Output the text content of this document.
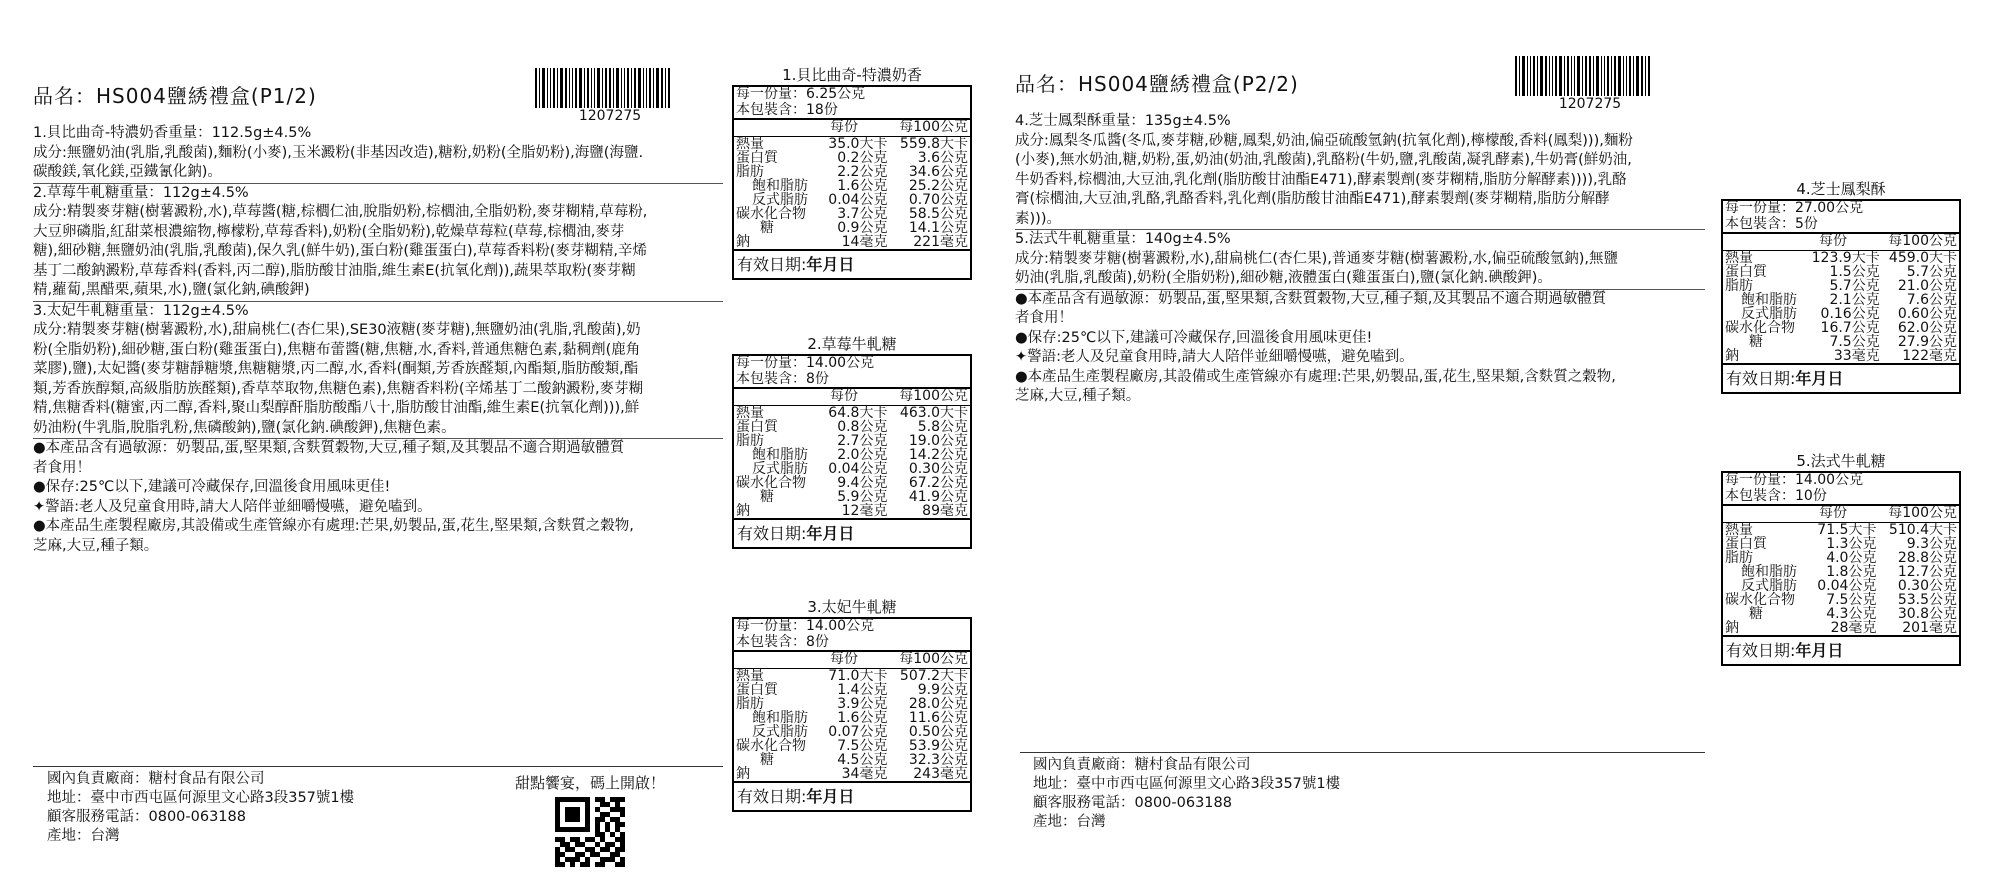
品名：HS004鹽綉禮盒(P1/2)
1207275

1.貝比曲奇-特濃奶香重量：112.5g±4.5%

成分:無鹽奶油(乳脂,乳酸菌),麵粉(小麥),玉米澱粉(非基因改造),糖粉,奶粉(全脂奶粉),海鹽(海鹽.

碳酸鎂,氧化鎂,亞鐵氰化鈉)。

2.草莓牛軋糖重量：112g±4.5%

成分:精製麥芽糖(樹薯澱粉,水),草莓醬(糖,棕櫚仁油,脫脂奶粉,棕櫚油,全脂奶粉,麥芽糊精,草莓粉,

大豆卵磷脂,紅甜菜根濃縮物,檸檬粉,草莓香料),奶粉(全脂奶粉),乾燥草莓粒(草莓,棕櫚油,麥芽

糖),細砂糖,無鹽奶油(乳脂,乳酸菌),保久乳(鮮牛奶),蛋白粉(雞蛋蛋白),草莓香料粉(麥芽糊精,辛烯

基丁二酸鈉澱粉,草莓香料(香料,丙二醇),脂肪酸甘油脂,維生素E(抗氧化劑)),蔬果萃取粉(麥芽糊

精,蘿蔔,黑醋栗,蘋果,水),鹽(氯化鈉,碘酸鉀)

3.太妃牛軋糖重量：112g±4.5%

成分:精製麥芽糖(樹薯澱粉,水),甜扁桃仁(杏仁果),SE30液糖(麥芽糖),無鹽奶油(乳脂,乳酸菌),奶

粉(全脂奶粉),細砂糖,蛋白粉(雞蛋蛋白),焦糖布蕾醬(糖,焦糖,水,香料,普通焦糖色素,黏稠劑(鹿角

菜膠),鹽),太妃醬(麥芽糖靜糖漿,焦糖糖漿,丙二醇,水,香料(酮類,芳香族醛類,內酯類,脂肪酸類,酯

類,芳香族醇類,高級脂肪族醛類),香草萃取物,焦糖色素),焦糖香料粉(辛烯基丁二酸鈉澱粉,麥芽糊

精,焦糖香料(糖蜜,丙二醇,香料,聚山梨醇酐脂肪酸酯八十,脂肪酸甘油酯,維生素E(抗氧化劑))),鮮

奶油粉(牛乳脂,脫脂乳粉,焦磷酸鈉),鹽(氯化鈉.碘酸鉀),焦糖色素。

●本產品含有過敏源：奶製品,蛋,堅果類,含麩質穀物,大豆,種子類,及其製品不適合期過敏體質

者食用！

●保存:25℃以下,建議可冷藏保存,回溫後食用風味更佳!

✦警語:老人及兒童食用時,請大人陪伴並細嚼慢嚥，避免嗑到。

●本產品生產製程廠房,其設備或生產管線亦有處理:芒果,奶製品,蛋,花生,堅果類,含麩質之穀物,

芝麻,大豆,種子類。

國內負責廠商：糖村食品有限公司
地址：臺中市西屯區何源里文心路3段357號1樓
顧客服務電話：0800-063188
產地：台灣
甜點饗宴，碼上開啟！
1.貝比曲奇-特濃奶香
每一份量：6.25公克
本包裝含：18份
每份	每100公克
熱量	35.0大卡	559.8大卡
蛋白質	0.2公克	3.6公克
脂肪	2.2公克	34.6公克
飽和脂肪	1.6公克	25.2公克
反式脂肪	0.04公克	0.70公克
碳水化合物	3.7公克	58.5公克
糖	0.9公克	14.1公克
鈉	14毫克	221毫克
有效日期:年月日
2.草莓牛軋糖
每一份量：14.00公克
本包裝含：8份
每份	每100公克
熱量	64.8大卡	463.0大卡
蛋白質	0.8公克	5.8公克
脂肪	2.7公克	19.0公克
飽和脂肪	2.0公克	14.2公克
反式脂肪	0.04公克	0.30公克
碳水化合物	9.4公克	67.2公克
糖	5.9公克	41.9公克
鈉	12毫克	89毫克
有效日期:年月日
3.太妃牛軋糖
每一份量：14.00公克
本包裝含：8份
每份	每100公克
熱量	71.0大卡	507.2大卡
蛋白質	1.4公克	9.9公克
脂肪	3.9公克	28.0公克
飽和脂肪	1.6公克	11.6公克
反式脂肪	0.07公克	0.50公克
碳水化合物	7.5公克	53.9公克
糖	4.5公克	32.3公克
鈉	34毫克	243毫克
有效日期:年月日
4.芝士鳳梨酥
每一份量：27.00公克
本包裝含：5份
每份	每100公克
熱量	123.9大卡	459.0大卡
蛋白質	1.5公克	5.7公克
脂肪	5.7公克	21.0公克
飽和脂肪	2.1公克	7.6公克
反式脂肪	0.16公克	0.60公克
碳水化合物	16.7公克	62.0公克
糖	7.5公克	27.9公克
鈉	33毫克	122毫克
有效日期:年月日
5.法式牛軋糖
每一份量：14.00公克
本包裝含：10份
每份	每100公克
熱量	71.5大卡	510.4大卡
蛋白質	1.3公克	9.3公克
脂肪	4.0公克	28.8公克
飽和脂肪	1.8公克	12.7公克
反式脂肪	0.04公克	0.30公克
碳水化合物	7.5公克	53.5公克
糖	4.3公克	30.8公克
鈉	28毫克	201毫克
有效日期:年月日
品名：HS004鹽綉禮盒(P2/2)
1207275

4.芝士鳳梨酥重量：135g±4.5%

成分:鳳梨冬瓜醬(冬瓜,麥芽糖,砂糖,鳳梨,奶油,偏亞硫酸氫鈉(抗氧化劑),檸檬酸,香料(鳳梨))),麵粉

(小麥),無水奶油,糖,奶粉,蛋,奶油(奶油,乳酸菌),乳酪粉(牛奶,鹽,乳酸菌,凝乳酵素),牛奶膏(鮮奶油,

牛奶香料,棕櫚油,大豆油,乳化劑(脂肪酸甘油酯E471),酵素製劑(麥芽糊精,脂肪分解酵素)))),乳酪

膏(棕櫚油,大豆油,乳酪,乳酪香料,乳化劑(脂肪酸甘油酯E471),酵素製劑(麥芽糊精,脂肪分解酵

素)))。

5.法式牛軋糖重量：140g±4.5%

成分:精製麥芽糖(樹薯澱粉,水),甜扁桃仁(杏仁果),普通麥芽糖(樹薯澱粉,水,偏亞硫酸氫鈉),無鹽

奶油(乳脂,乳酸菌),奶粉(全脂奶粉),細砂糖,液體蛋白(雞蛋蛋白),鹽(氯化鈉.碘酸鉀)。

●本產品含有過敏源：奶製品,蛋,堅果類,含麩質穀物,大豆,種子類,及其製品不適合期過敏體質

者食用！

●保存:25℃以下,建議可冷藏保存,回溫後食用風味更佳!

✦警語:老人及兒童食用時,請大人陪伴並細嚼慢嚥，避免嗑到。

●本產品生產製程廠房,其設備或生產管線亦有處理:芒果,奶製品,蛋,花生,堅果類,含麩質之穀物,

芝麻,大豆,種子類。

國內負責廠商：糖村食品有限公司
地址：臺中市西屯區何源里文心路3段357號1樓
顧客服務電話：0800-063188
產地：台灣
